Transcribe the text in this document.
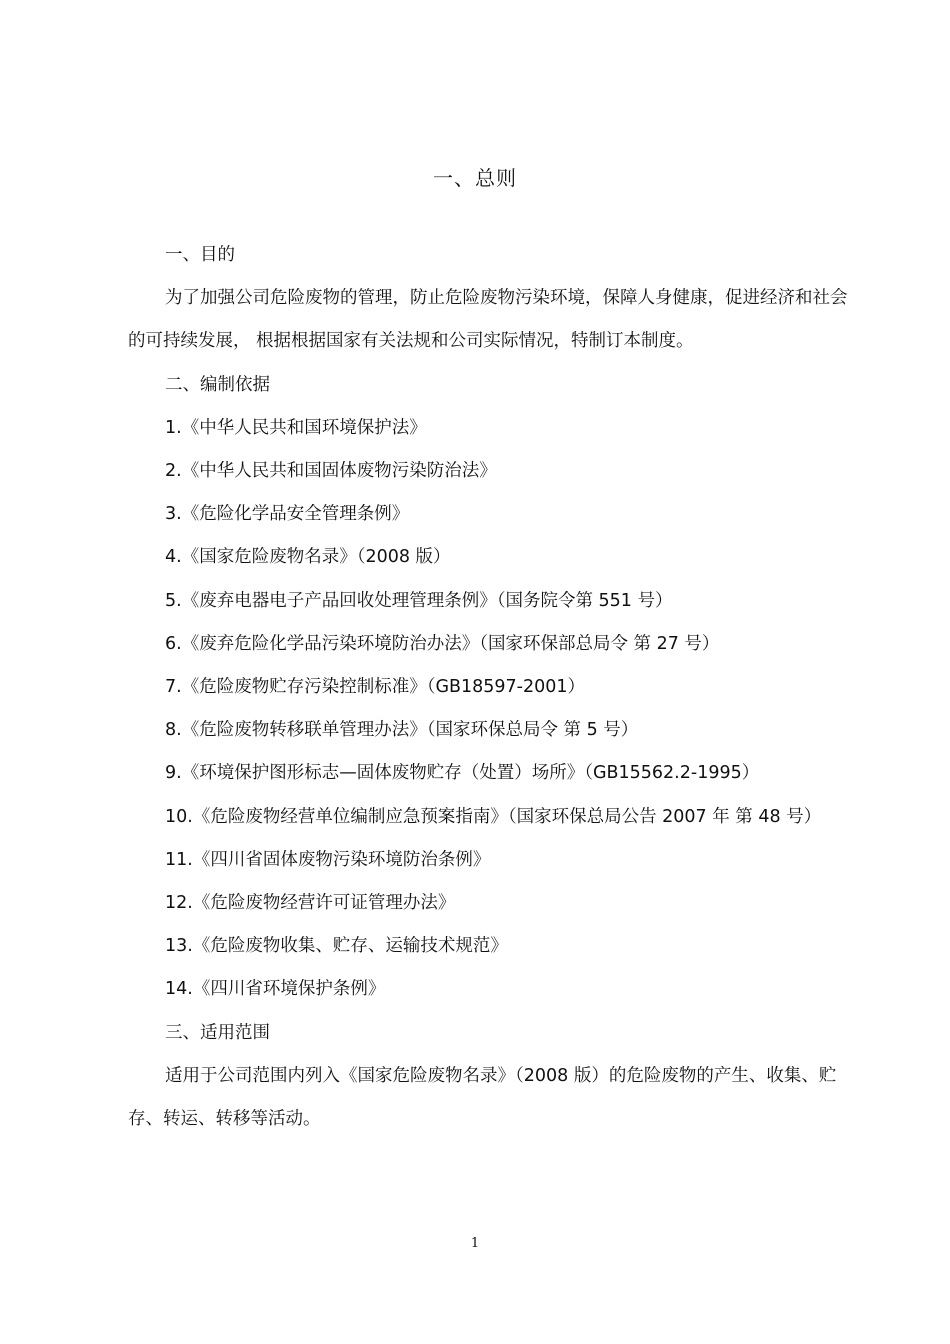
一、总则

一、目的

为了加强公司危险废物的管理，防止危险废物污染环境，保障人身健康，促进经济和社会的可持续发展， 根据根据国家有关法规和公司实际情况，特制订本制度。

二、编制依据

1.《中华人民共和国环境保护法》

2.《中华人民共和国固体废物污染防治法》

3.《危险化学品安全管理条例》

4.《国家危险废物名录》（2008 版）

5.《废弃电器电子产品回收处理管理条例》（国务院令第 551 号）

6.《废弃危险化学品污染环境防治办法》（国家环保部总局令 第 27 号）

7.《危险废物贮存污染控制标准》（GB18597-2001）

8.《危险废物转移联单管理办法》（国家环保总局令 第 5 号）

9.《环境保护图形标志—固体废物贮存（处置）场所》（GB15562.2-1995）

10.《危险废物经营单位编制应急预案指南》（国家环保总局公告 2007 年 第 48 号）

11.《四川省固体废物污染环境防治条例》

12.《危险废物经营许可证管理办法》

13.《危险废物收集、贮存、运输技术规范》

14.《四川省环境保护条例》

三、适用范围

适用于公司范围内列入《国家危险废物名录》（2008 版）的危险废物的产生、收集、贮存、转运、转移等活动。

1
